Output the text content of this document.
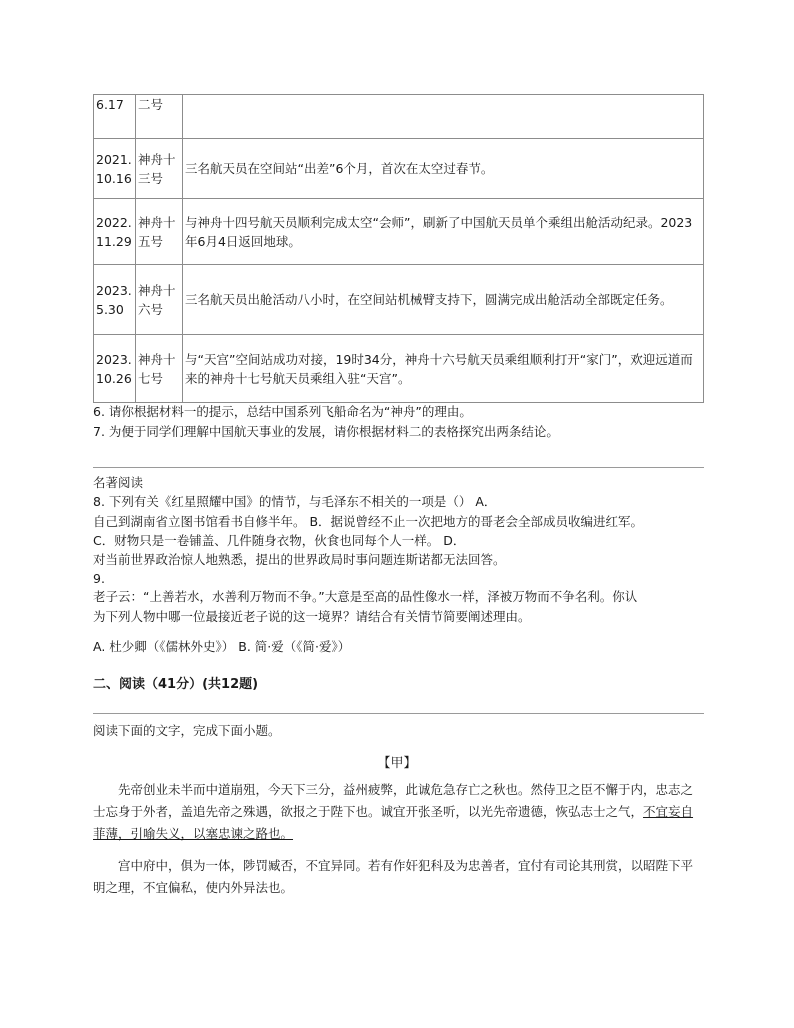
6.17	二号	
2021.10.16	神舟十三号	三名航天员在空间站“出差”6个月，首次在太空过春节。
2022.11.29	神舟十五号	与神舟十四号航天员顺利完成太空“会师”，刷新了中国航天员单个乘组出舱活动纪录。2023年6月4日返回地球。
2023.5.30	神舟十六号	三名航天员出舱活动八小时，在空间站机械臂支持下，圆满完成出舱活动全部既定任务。
2023.10.26	神舟十七号	与“天宫”空间站成功对接，19时34分，神舟十六号航天员乘组顺利打开“家门”，欢迎远道而来的神舟十七号航天员乘组入驻“天宫”。
6. 请你根据材料一的提示，总结中国系列飞船命名为“神舟”的理由。
7. 为便于同学们理解中国航天事业的发展，请你根据材料二的表格探究出两条结论。
名著阅读
8. 下列有关《红星照耀中国》的情节，与毛泽东不相关的一项是（） A．
自己到湖南省立图书馆看书自修半年。 B．据说曾经不止一次把地方的哥老会全部成员收编进红军。
C．财物只是一卷铺盖、几件随身衣物，伙食也同每个人一样。 D．
对当前世界政治惊人地熟悉，提出的世界政局时事问题连斯诺都无法回答。
9.
老子云：“上善若水，水善利万物而不争。”大意是至高的品性像水一样，泽被万物而不争名利。你认
为下列人物中哪一位最接近老子说的这一境界？请结合有关情节简要阐述理由。
A. 杜少卿（《儒林外史》） B. 简·爱（《简·爱》）
二、阅读（41分）(共12题)
阅读下面的文字，完成下面小题。
【甲】
先帝创业未半而中道崩殂，今天下三分，益州疲弊，此诚危急存亡之秋也。然侍卫之臣不懈于内，忠志之士忘身于外者，盖追先帝之殊遇，欲报之于陛下也。诚宜开张圣听，以光先帝遗德，恢弘志士之气，不宜妄自菲薄，引喻失义，以塞忠谏之路也。
宫中府中，俱为一体，陟罚臧否，不宜异同。若有作奸犯科及为忠善者，宜付有司论其刑赏，以昭陛下平明之理，不宜偏私，使内外异法也。
